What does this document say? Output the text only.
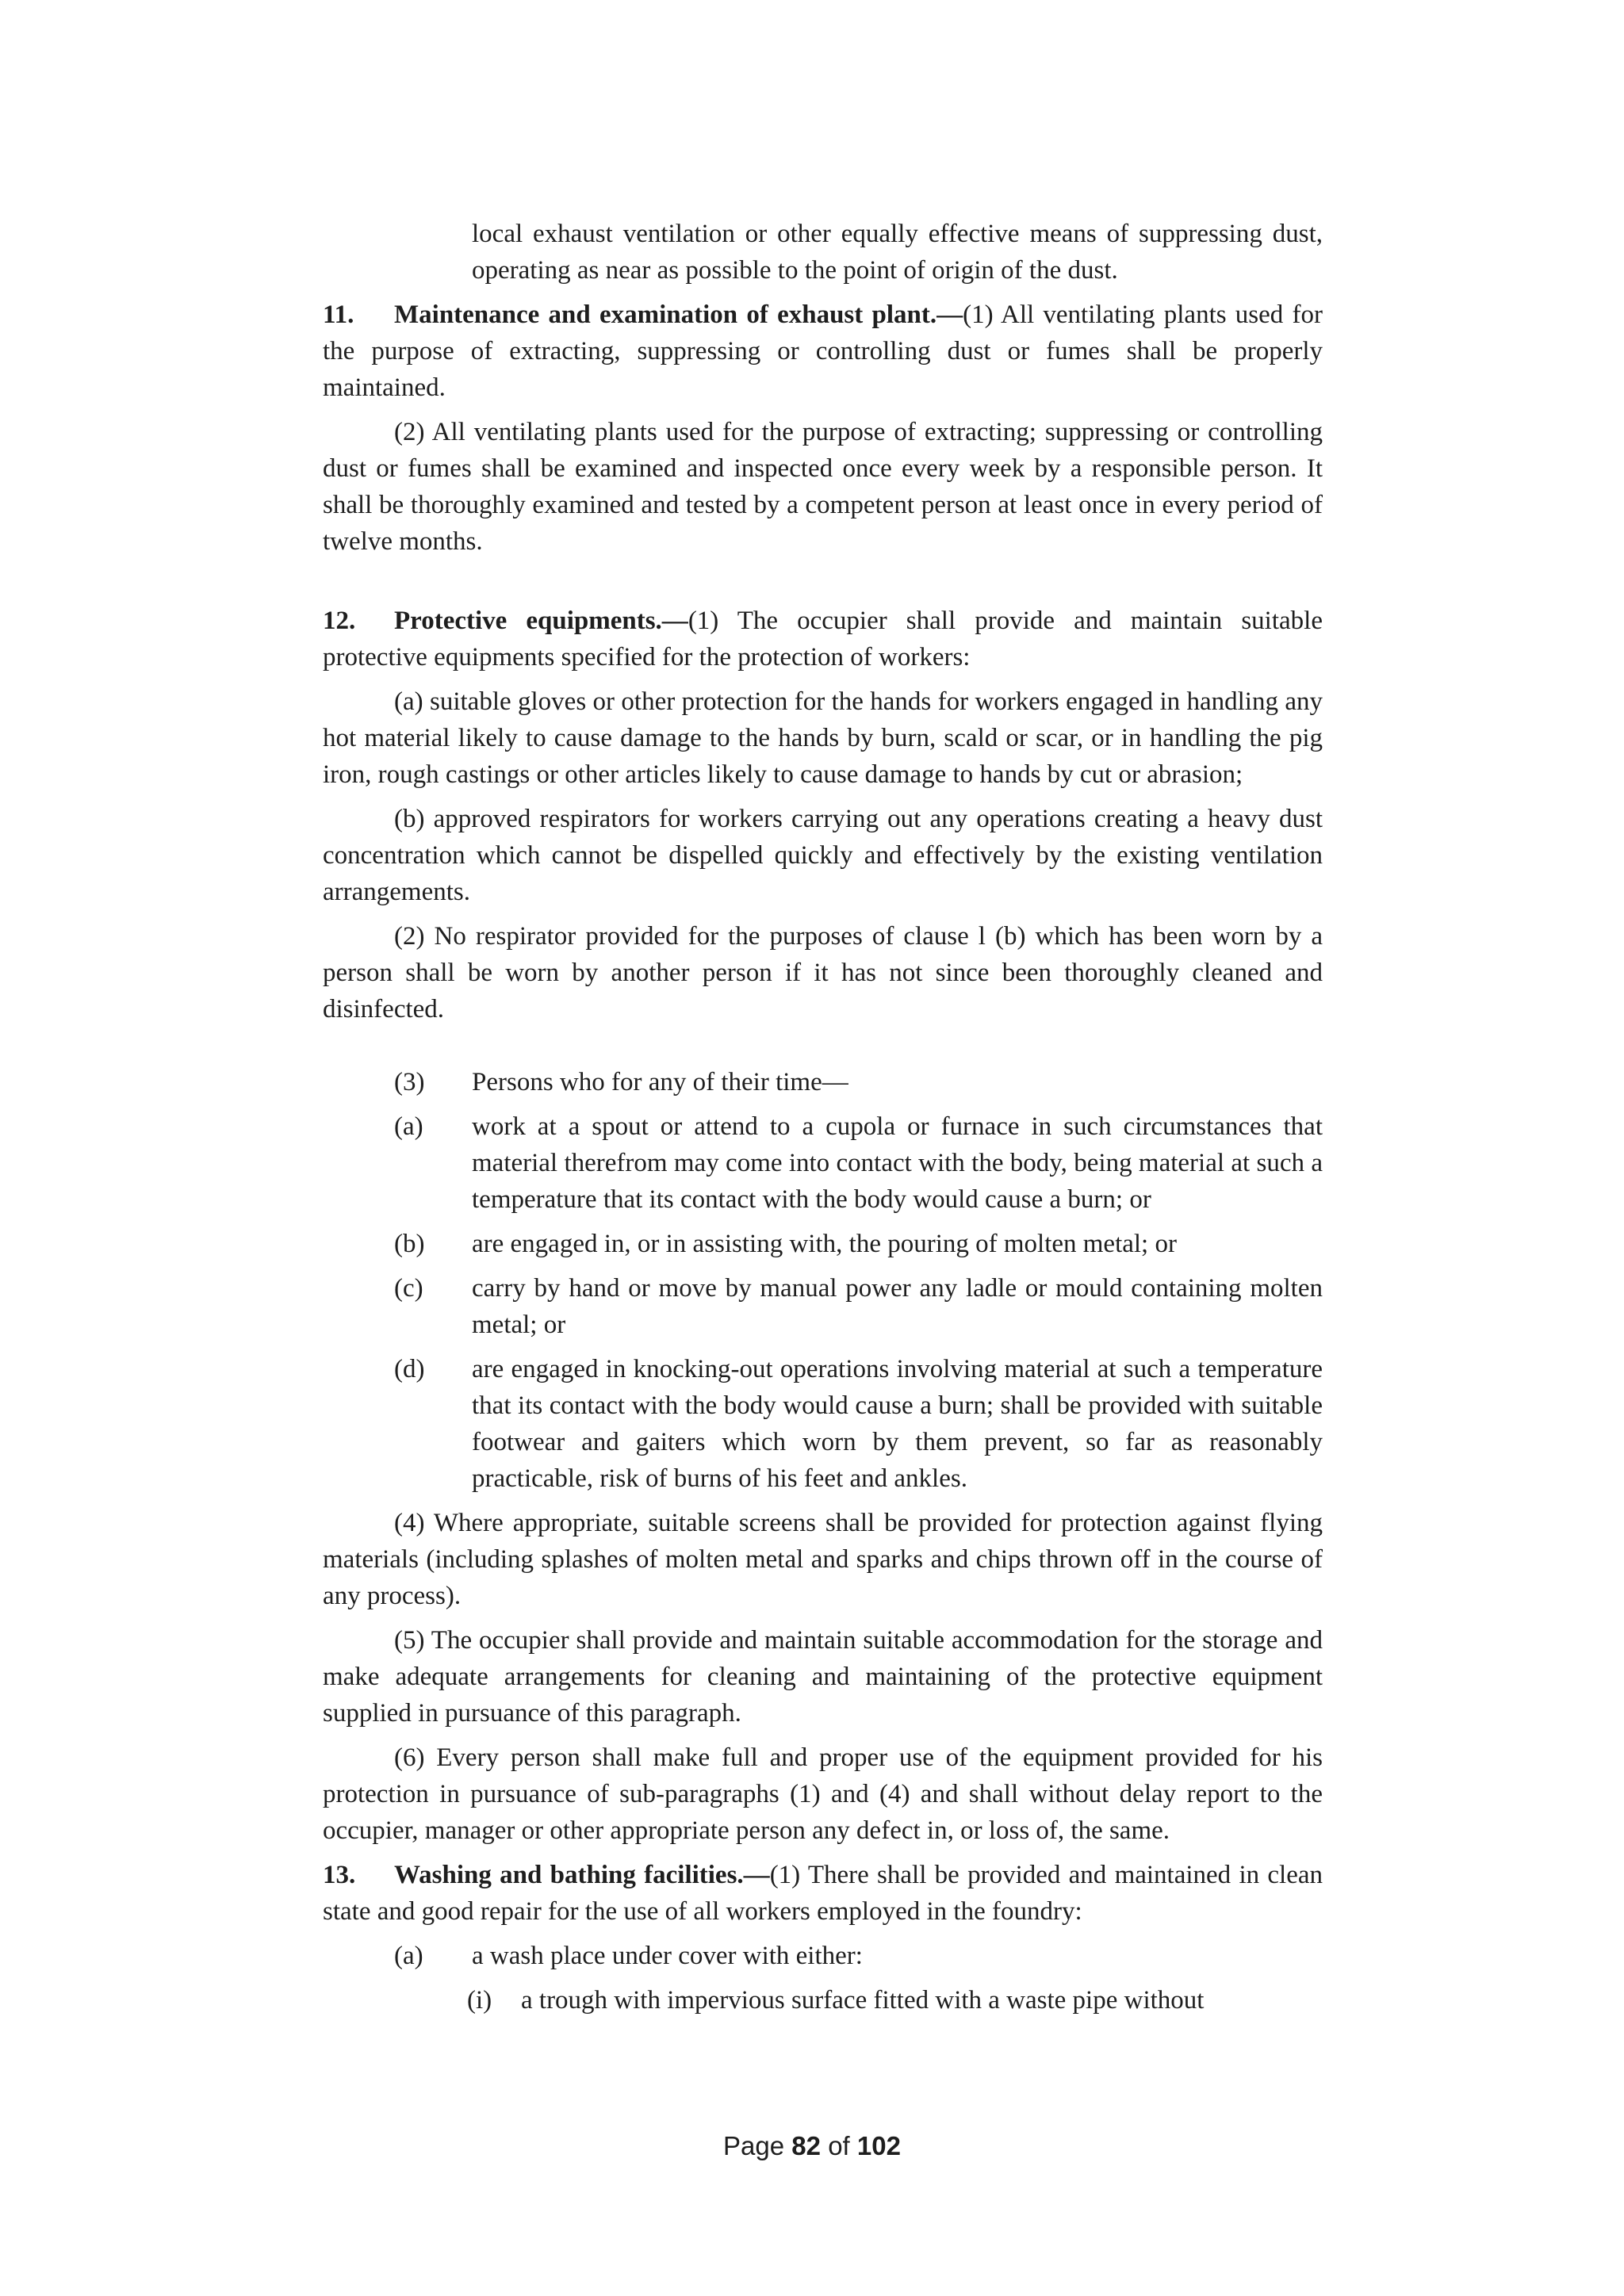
local exhaust ventilation or other equally effective means of suppressing dust, operating as near as possible to the point of origin of the dust.

11. Maintenance and examination of exhaust plant.—(1) All ventilating plants used for the purpose of extracting, suppressing or controlling dust or fumes shall be properly maintained.

(2) All ventilating plants used for the purpose of extracting; suppressing or controlling dust or fumes shall be examined and inspected once every week by a responsible person. It shall be thoroughly examined and tested by a competent person at least once in every period of twelve months.

12. Protective equipments.—(1) The occupier shall provide and maintain suitable protective equipments specified for the protection of workers:

(a) suitable gloves or other protection for the hands for workers engaged in handling any hot material likely to cause damage to the hands by burn, scald or scar, or in handling the pig iron, rough castings or other articles likely to cause damage to hands by cut or abrasion;

(b) approved respirators for workers carrying out any operations creating a heavy dust concentration which cannot be dispelled quickly and effectively by the existing ventilation arrangements.

(2) No respirator provided for the purposes of clause l (b) which has been worn by a person shall be worn by another person if it has not since been thoroughly cleaned and disinfected.

(3) Persons who for any of their time—
(a) work at a spout or attend to a cupola or furnace in such circumstances that material therefrom may come into contact with the body, being material at such a temperature that its contact with the body would cause a burn; or
(b) are engaged in, or in assisting with, the pouring of molten metal; or
(c) carry by hand or move by manual power any ladle or mould containing molten metal; or
(d) are engaged in knocking-out operations involving material at such a temperature that its contact with the body would cause a burn; shall be provided with suitable footwear and gaiters which worn by them prevent, so far as reasonably practicable, risk of burns of his feet and ankles.

(4) Where appropriate, suitable screens shall be provided for protection against flying materials (including splashes of molten metal and sparks and chips thrown off in the course of any process).

(5) The occupier shall provide and maintain suitable accommodation for the storage and make adequate arrangements for cleaning and maintaining of the protective equipment supplied in pursuance of this paragraph.

(6) Every person shall make full and proper use of the equipment provided for his protection in pursuance of sub-paragraphs (1) and (4) and shall without delay report to the occupier, manager or other appropriate person any defect in, or loss of, the same.

13. Washing and bathing facilities.—(1) There shall be provided and maintained in clean state and good repair for the use of all workers employed in the foundry:

(a) a wash place under cover with either:
(i) a trough with impervious surface fitted with a waste pipe without
Page 82 of 102
